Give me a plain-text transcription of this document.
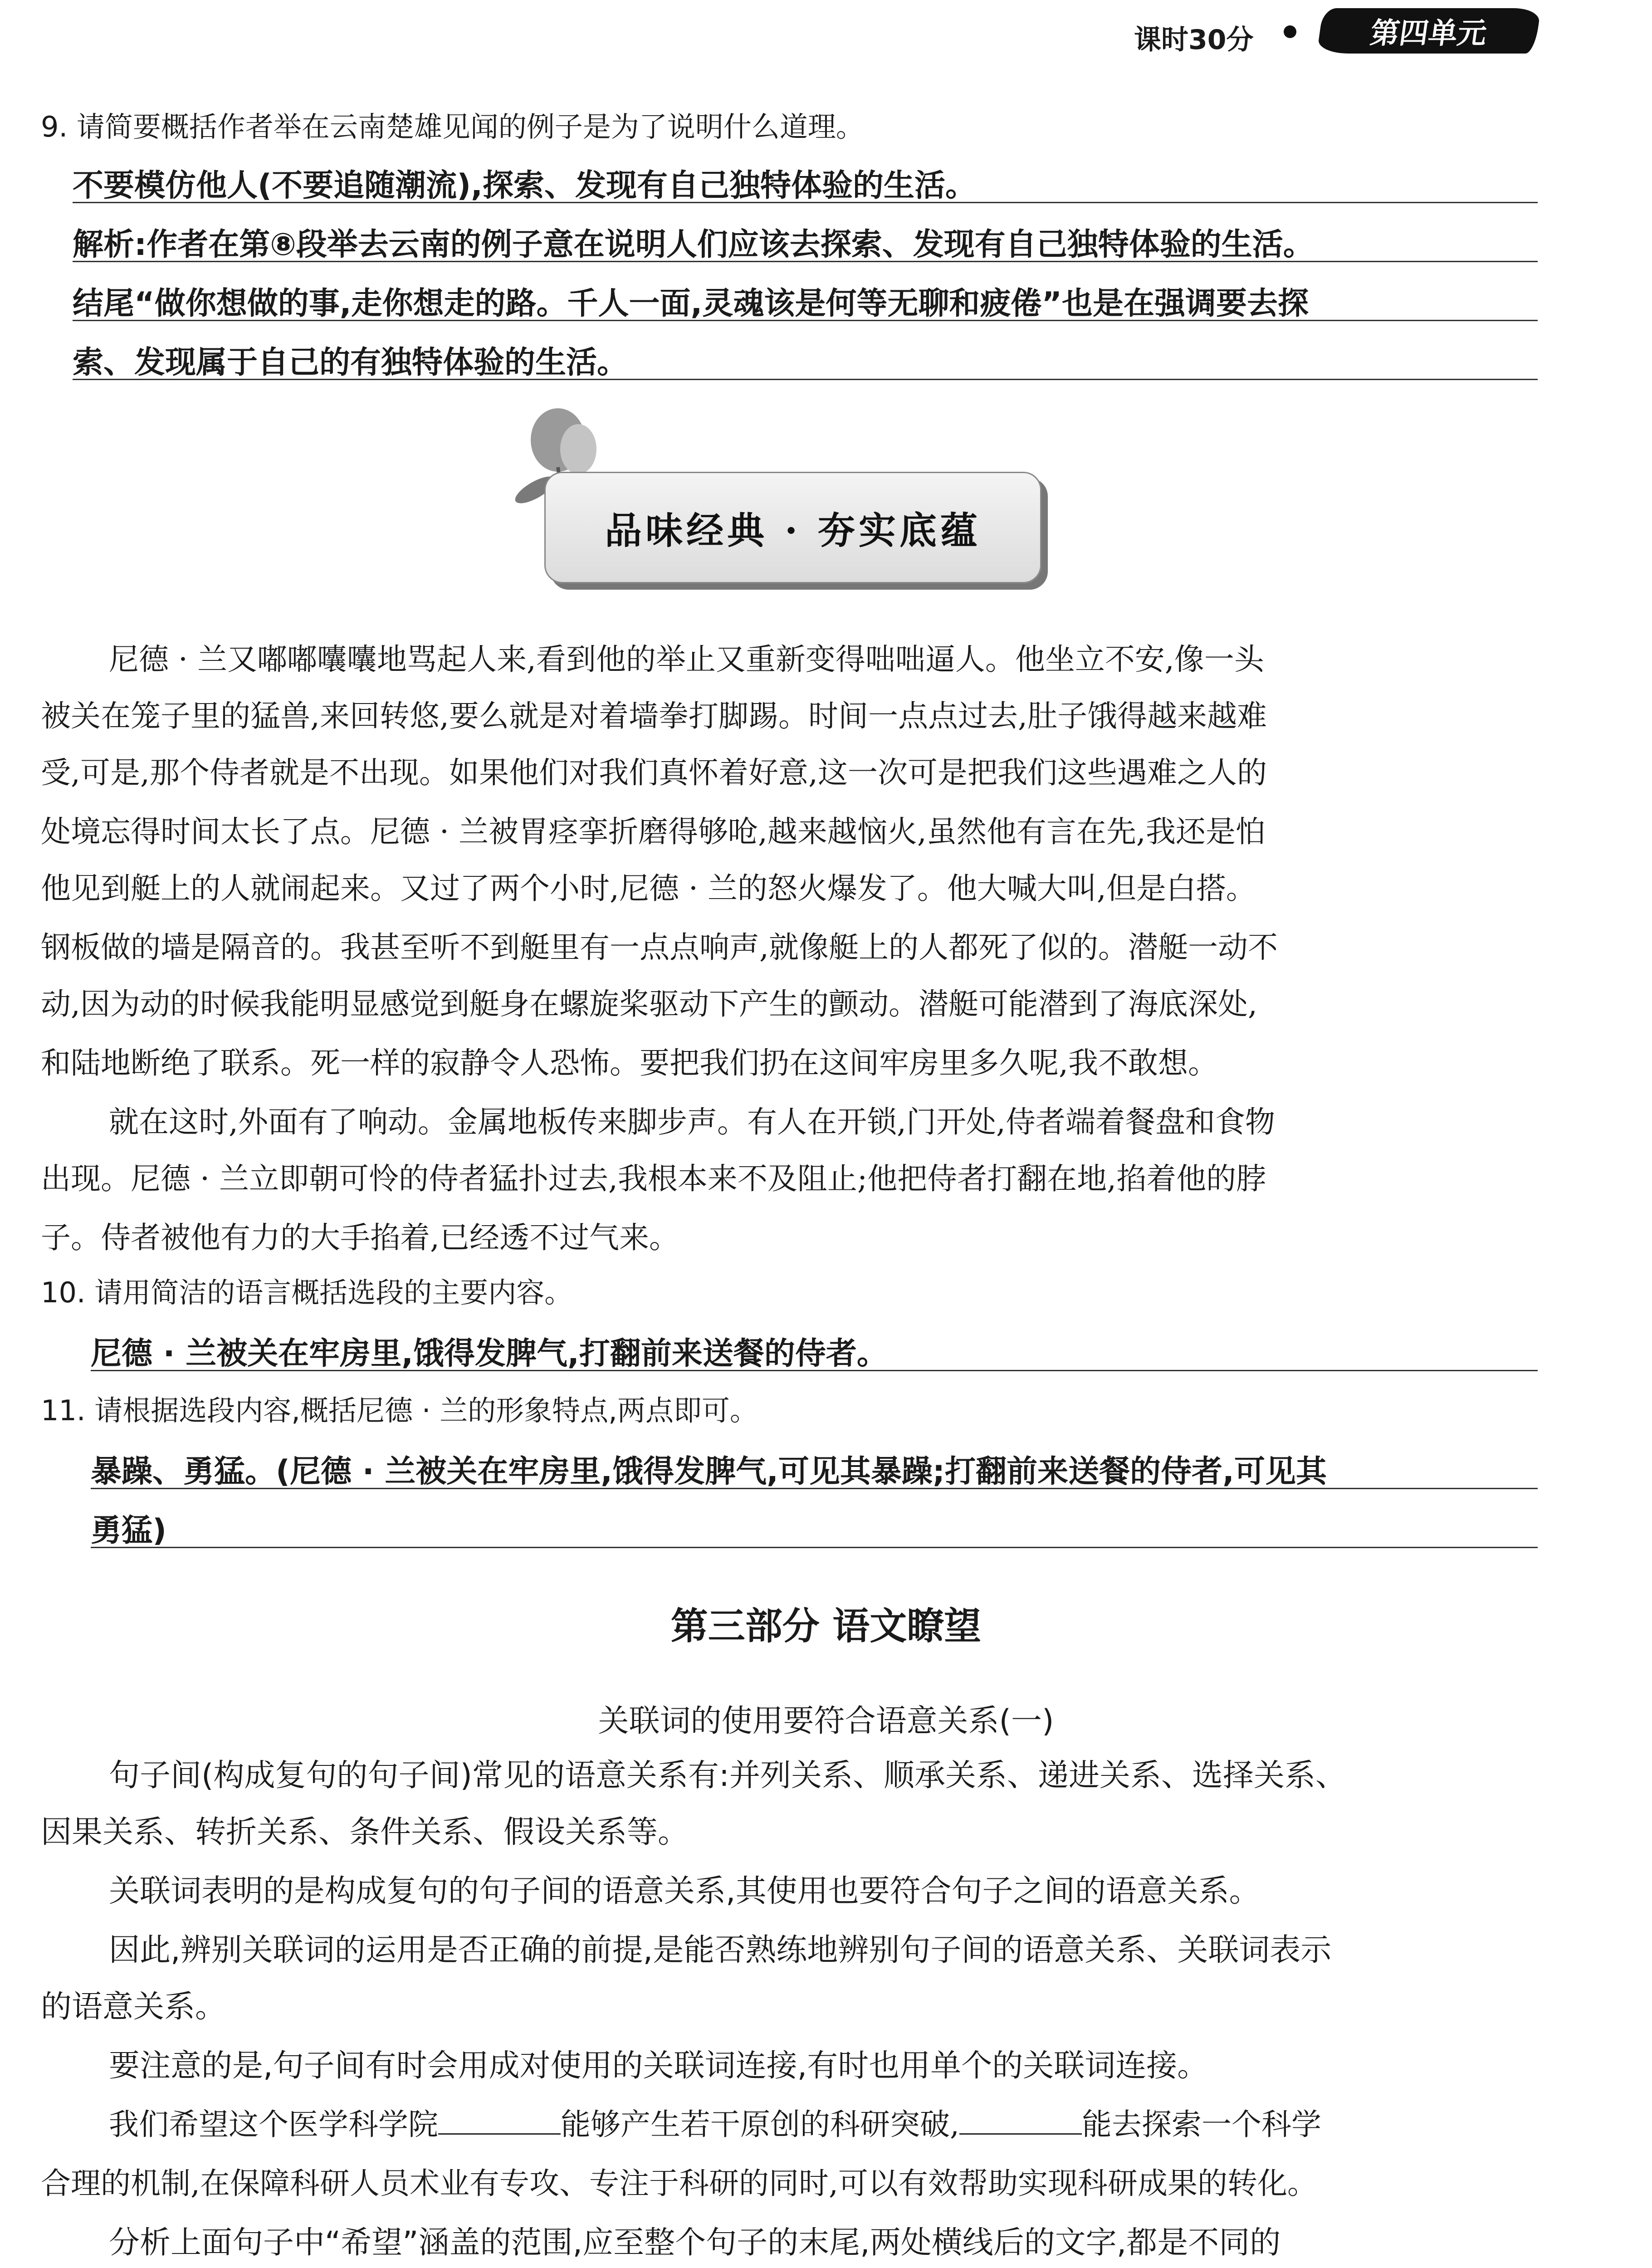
课时30分	第四单元
9. 请简要概括作者举在云南楚雄见闻的例子是为了说明什么道理。
不要模仿他人(不要追随潮流),探索、发现有自己独特体验的生活。
解析:作者在第⑧段举去云南的例子意在说明人们应该去探索、发现有自己独特体验的生活。
结尾“做你想做的事,走你想走的路。千人一面,灵魂该是何等无聊和疲倦”也是在强调要去探
索、发现属于自己的有独特体验的生活。
品味经典 · 夯实底蕴
尼德 · 兰又嘟嘟囔囔地骂起人来,看到他的举止又重新变得咄咄逼人。他坐立不安,像一头
被关在笼子里的猛兽,来回转悠,要么就是对着墙拳打脚踢。时间一点点过去,肚子饿得越来越难
受,可是,那个侍者就是不出现。如果他们对我们真怀着好意,这一次可是把我们这些遇难之人的
处境忘得时间太长了点。尼德 · 兰被胃痉挛折磨得够呛,越来越恼火,虽然他有言在先,我还是怕
他见到艇上的人就闹起来。又过了两个小时,尼德 · 兰的怒火爆发了。他大喊大叫,但是白搭。
钢板做的墙是隔音的。我甚至听不到艇里有一点点响声,就像艇上的人都死了似的。潜艇一动不
动,因为动的时候我能明显感觉到艇身在螺旋桨驱动下产生的颤动。潜艇可能潜到了海底深处,
和陆地断绝了联系。死一样的寂静令人恐怖。要把我们扔在这间牢房里多久呢,我不敢想。
就在这时,外面有了响动。金属地板传来脚步声。有人在开锁,门开处,侍者端着餐盘和食物
出现。尼德 · 兰立即朝可怜的侍者猛扑过去,我根本来不及阻止;他把侍者打翻在地,掐着他的脖
子。侍者被他有力的大手掐着,已经透不过气来。
10. 请用简洁的语言概括选段的主要内容。
尼德 · 兰被关在牢房里,饿得发脾气,打翻前来送餐的侍者。
11. 请根据选段内容,概括尼德 · 兰的形象特点,两点即可。
暴躁、勇猛。(尼德 · 兰被关在牢房里,饿得发脾气,可见其暴躁;打翻前来送餐的侍者,可见其
勇猛)
第三部分 语文瞭望
关联词的使用要符合语意关系(一)
句子间(构成复句的句子间)常见的语意关系有:并列关系、顺承关系、递进关系、选择关系、
因果关系、转折关系、条件关系、假设关系等。
关联词表明的是构成复句的句子间的语意关系,其使用也要符合句子之间的语意关系。
因此,辨别关联词的运用是否正确的前提,是能否熟练地辨别句子间的语意关系、关联词表示
的语意关系。
要注意的是,句子间有时会用成对使用的关联词连接,有时也用单个的关联词连接。
我们希望这个医学科学院	能够产生若干原创的科研突破,	能去探索一个科学
合理的机制,在保障科研人员术业有专攻、专注于科研的同时,可以有效帮助实现科研成果的转化。
分析上面句子中“希望”涵盖的范围,应至整个句子的末尾,两处横线后的文字,都是不同的
